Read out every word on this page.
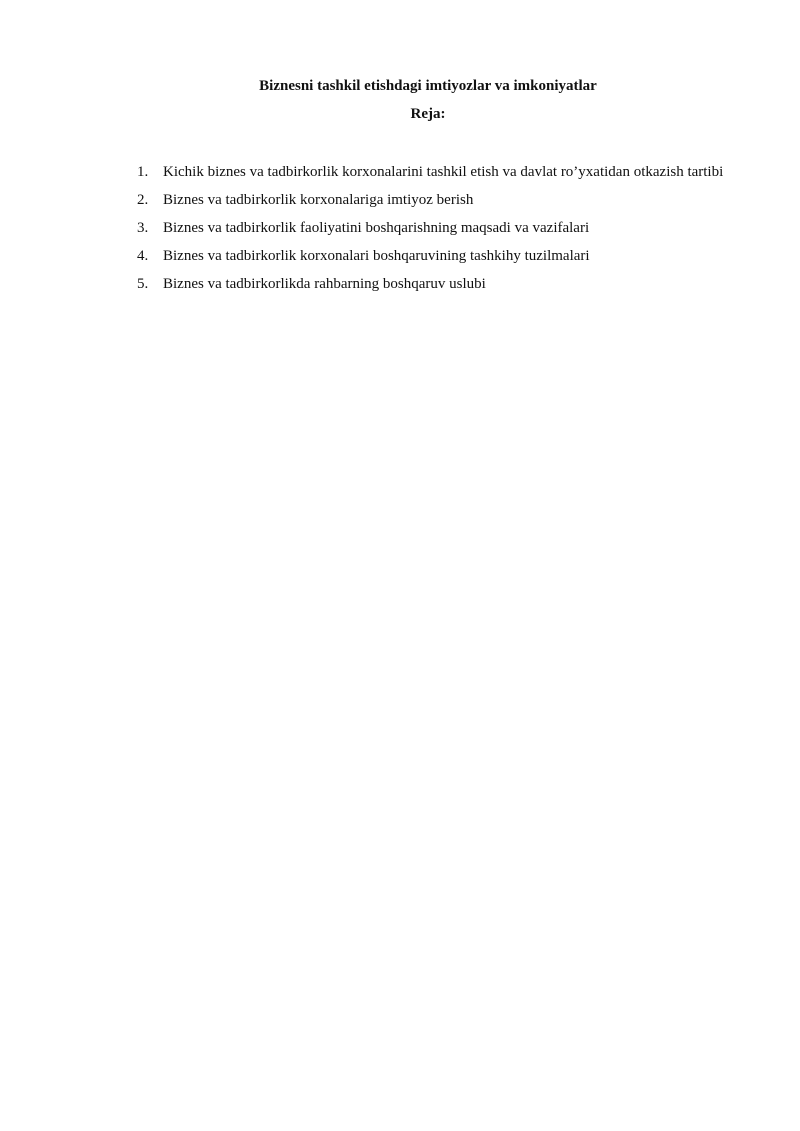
Biznesni tashkil etishdagi imtiyozlar va imkoniyatlar
Reja:
1. Kichik biznes va tadbirkorlik korxonalarini tashkil etish va davlat ro’yxatidan otkazish tartibi
2. Biznes va tadbirkorlik korxonalariga imtiyoz berish
3. Biznes va tadbirkorlik faoliyatini boshqarishning maqsadi va vazifalari
4. Biznes va tadbirkorlik korxonalari boshqaruvining tashkihy tuzilmalari
5. Biznes va tadbirkorlikda rahbarning boshqaruv uslubi
